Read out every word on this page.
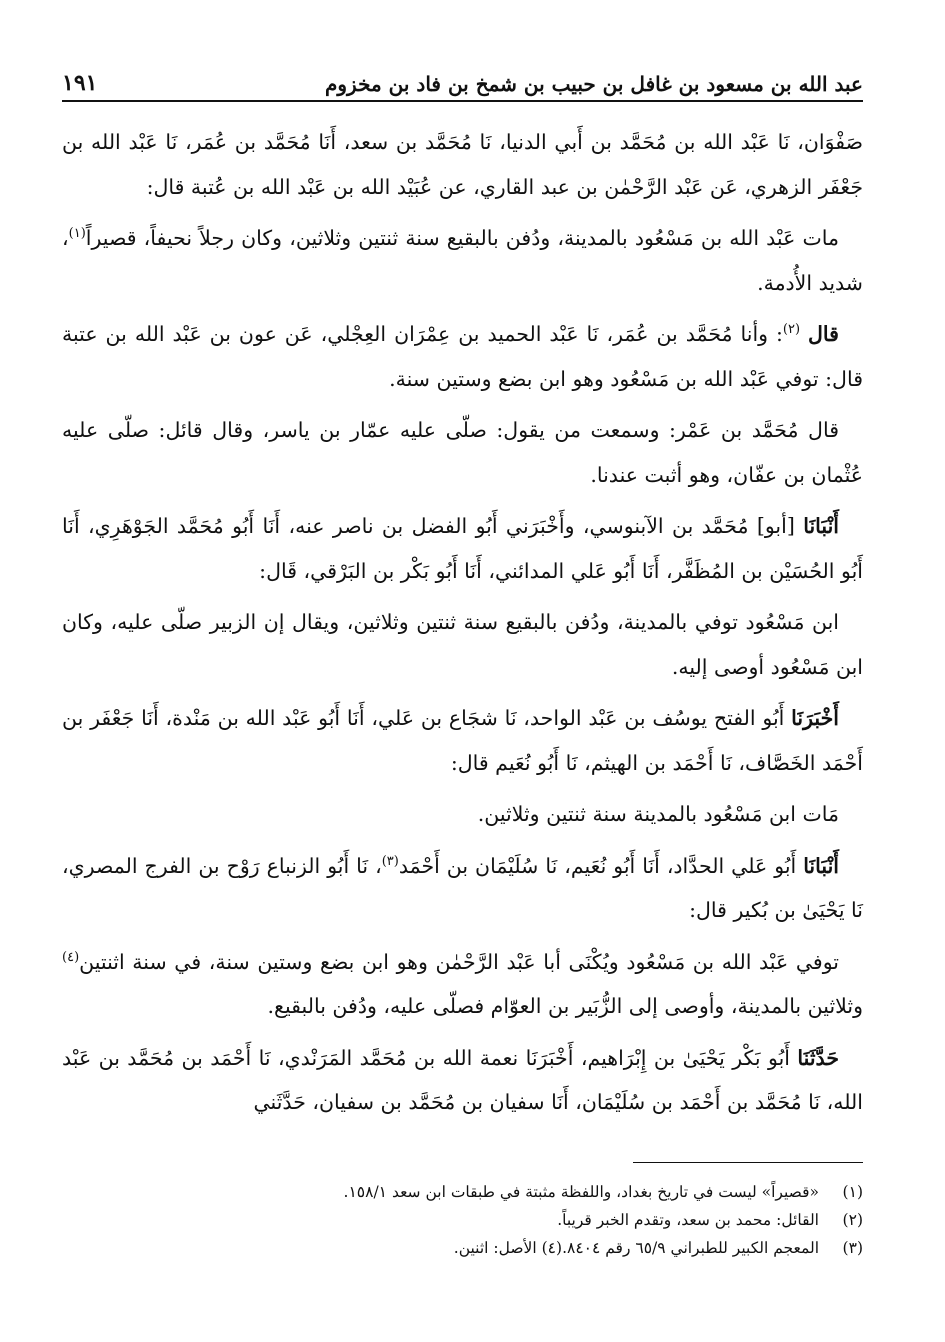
١٩١	عبد الله بن مسعود بن غافل بن حبيب بن شمخ بن فاد بن مخزوم

صَفْوَان، نَا عَبْد الله بن مُحَمَّد بن أَبي الدنيا، نَا مُحَمَّد بن سعد، أَنَا مُحَمَّد بن عُمَر، نَا عَبْد الله بن جَعْفَر الزهري، عَن عَبْد الرَّحْمٰن بن عبد القاري، عن عُبَيْد الله بن عَبْد الله بن عُتبة قال:

مات عَبْد الله بن مَسْعُود بالمدينة، ودُفن بالبقيع سنة ثنتين وثلاثين، وكان رجلاً نحيفاً، قصيراً$^{(١)}$، شديد الأُدمة.

قال $^{(٢)}$: وأنا مُحَمَّد بن عُمَر، نَا عَبْد الحميد بن عِمْرَان العِجْلي، عَن عون بن عَبْد الله بن عتبة قال: توفي عَبْد الله بن مَسْعُود وهو ابن بضع وستين سنة.

قال مُحَمَّد بن عَمْر: وسمعت من يقول: صلّى عليه عمّار بن ياسر، وقال قائل: صلّى عليه عُثْمان بن عفّان، وهو أثبت عندنا.

أَنْبَانَا [أبو] مُحَمَّد بن الآبنوسي، وأَخْبَرَني أَبُو الفضل بن ناصر عنه، أَنَا أَبُو مُحَمَّد الجَوْهَرِي، أَنَا أَبُو الحُسَيْن بن المُظَفَّر، أَنَا أَبُو عَلي المدائني، أَنَا أَبُو بَكْر بن البَرْقي، قَال:

ابن مَسْعُود توفي بالمدينة، ودُفن بالبقيع سنة ثنتين وثلاثين، ويقال إن الزبير صلّى عليه، وكان ابن مَسْعُود أوصى إليه.

أَخْبَرَنَا أَبُو الفتح يوسُف بن عَبْد الواحد، نَا شجَاع بن عَلي، أَنَا أَبُو عَبْد الله بن مَنْدة، أَنَا جَعْفَر بن أَحْمَد الخَصَّاف، نَا أَحْمَد بن الهيثم، نَا أَبُو نُعَيم قال:

مَات ابن مَسْعُود بالمدينة سنة ثنتين وثلاثين.

أَنْبَانَا أَبُو عَلي الحدَّاد، أَنَا أَبُو نُعَيم، نَا سُلَيْمَان بن أَحْمَد$^{(٣)}$، نَا أَبُو الزنباع رَوْح بن الفرج المصري، نَا يَحْيَىٰ بن بُكير قال:

توفي عَبْد الله بن مَسْعُود ويُكْنَى أبا عَبْد الرَّحْمٰن وهو ابن بضع وستين سنة، في سنة اثنتين$^{(٤)}$ وثلاثين بالمدينة، وأوصى إلى الزُّبَير بن العوّام فصلّى عليه، ودُفن بالبقيع.

حَدَّثَنَا أَبُو بَكْر يَحْيَىٰ بن إِبْرَاهيم، أَخْبَرَنَا نعمة الله بن مُحَمَّد المَرَنْدي، نَا أَحْمَد بن مُحَمَّد بن عَبْد الله، نَا مُحَمَّد بن أَحْمَد بن سُلَيْمَان، أَنَا سفيان بن مُحَمَّد بن سفيان، حَدَّثَني

(١)
«قصيراً» ليست في تاريخ بغداد، واللفظة مثبتة في طبقات ابن سعد ١٥٨/١.
(٢)
القائل: محمد بن سعد، وتقدم الخبر قريباً.
(٣)
المعجم الكبير للطبراني ٦٥/٩ رقم ٨٤٠٤.
(٤) الأصل: اثنين.
